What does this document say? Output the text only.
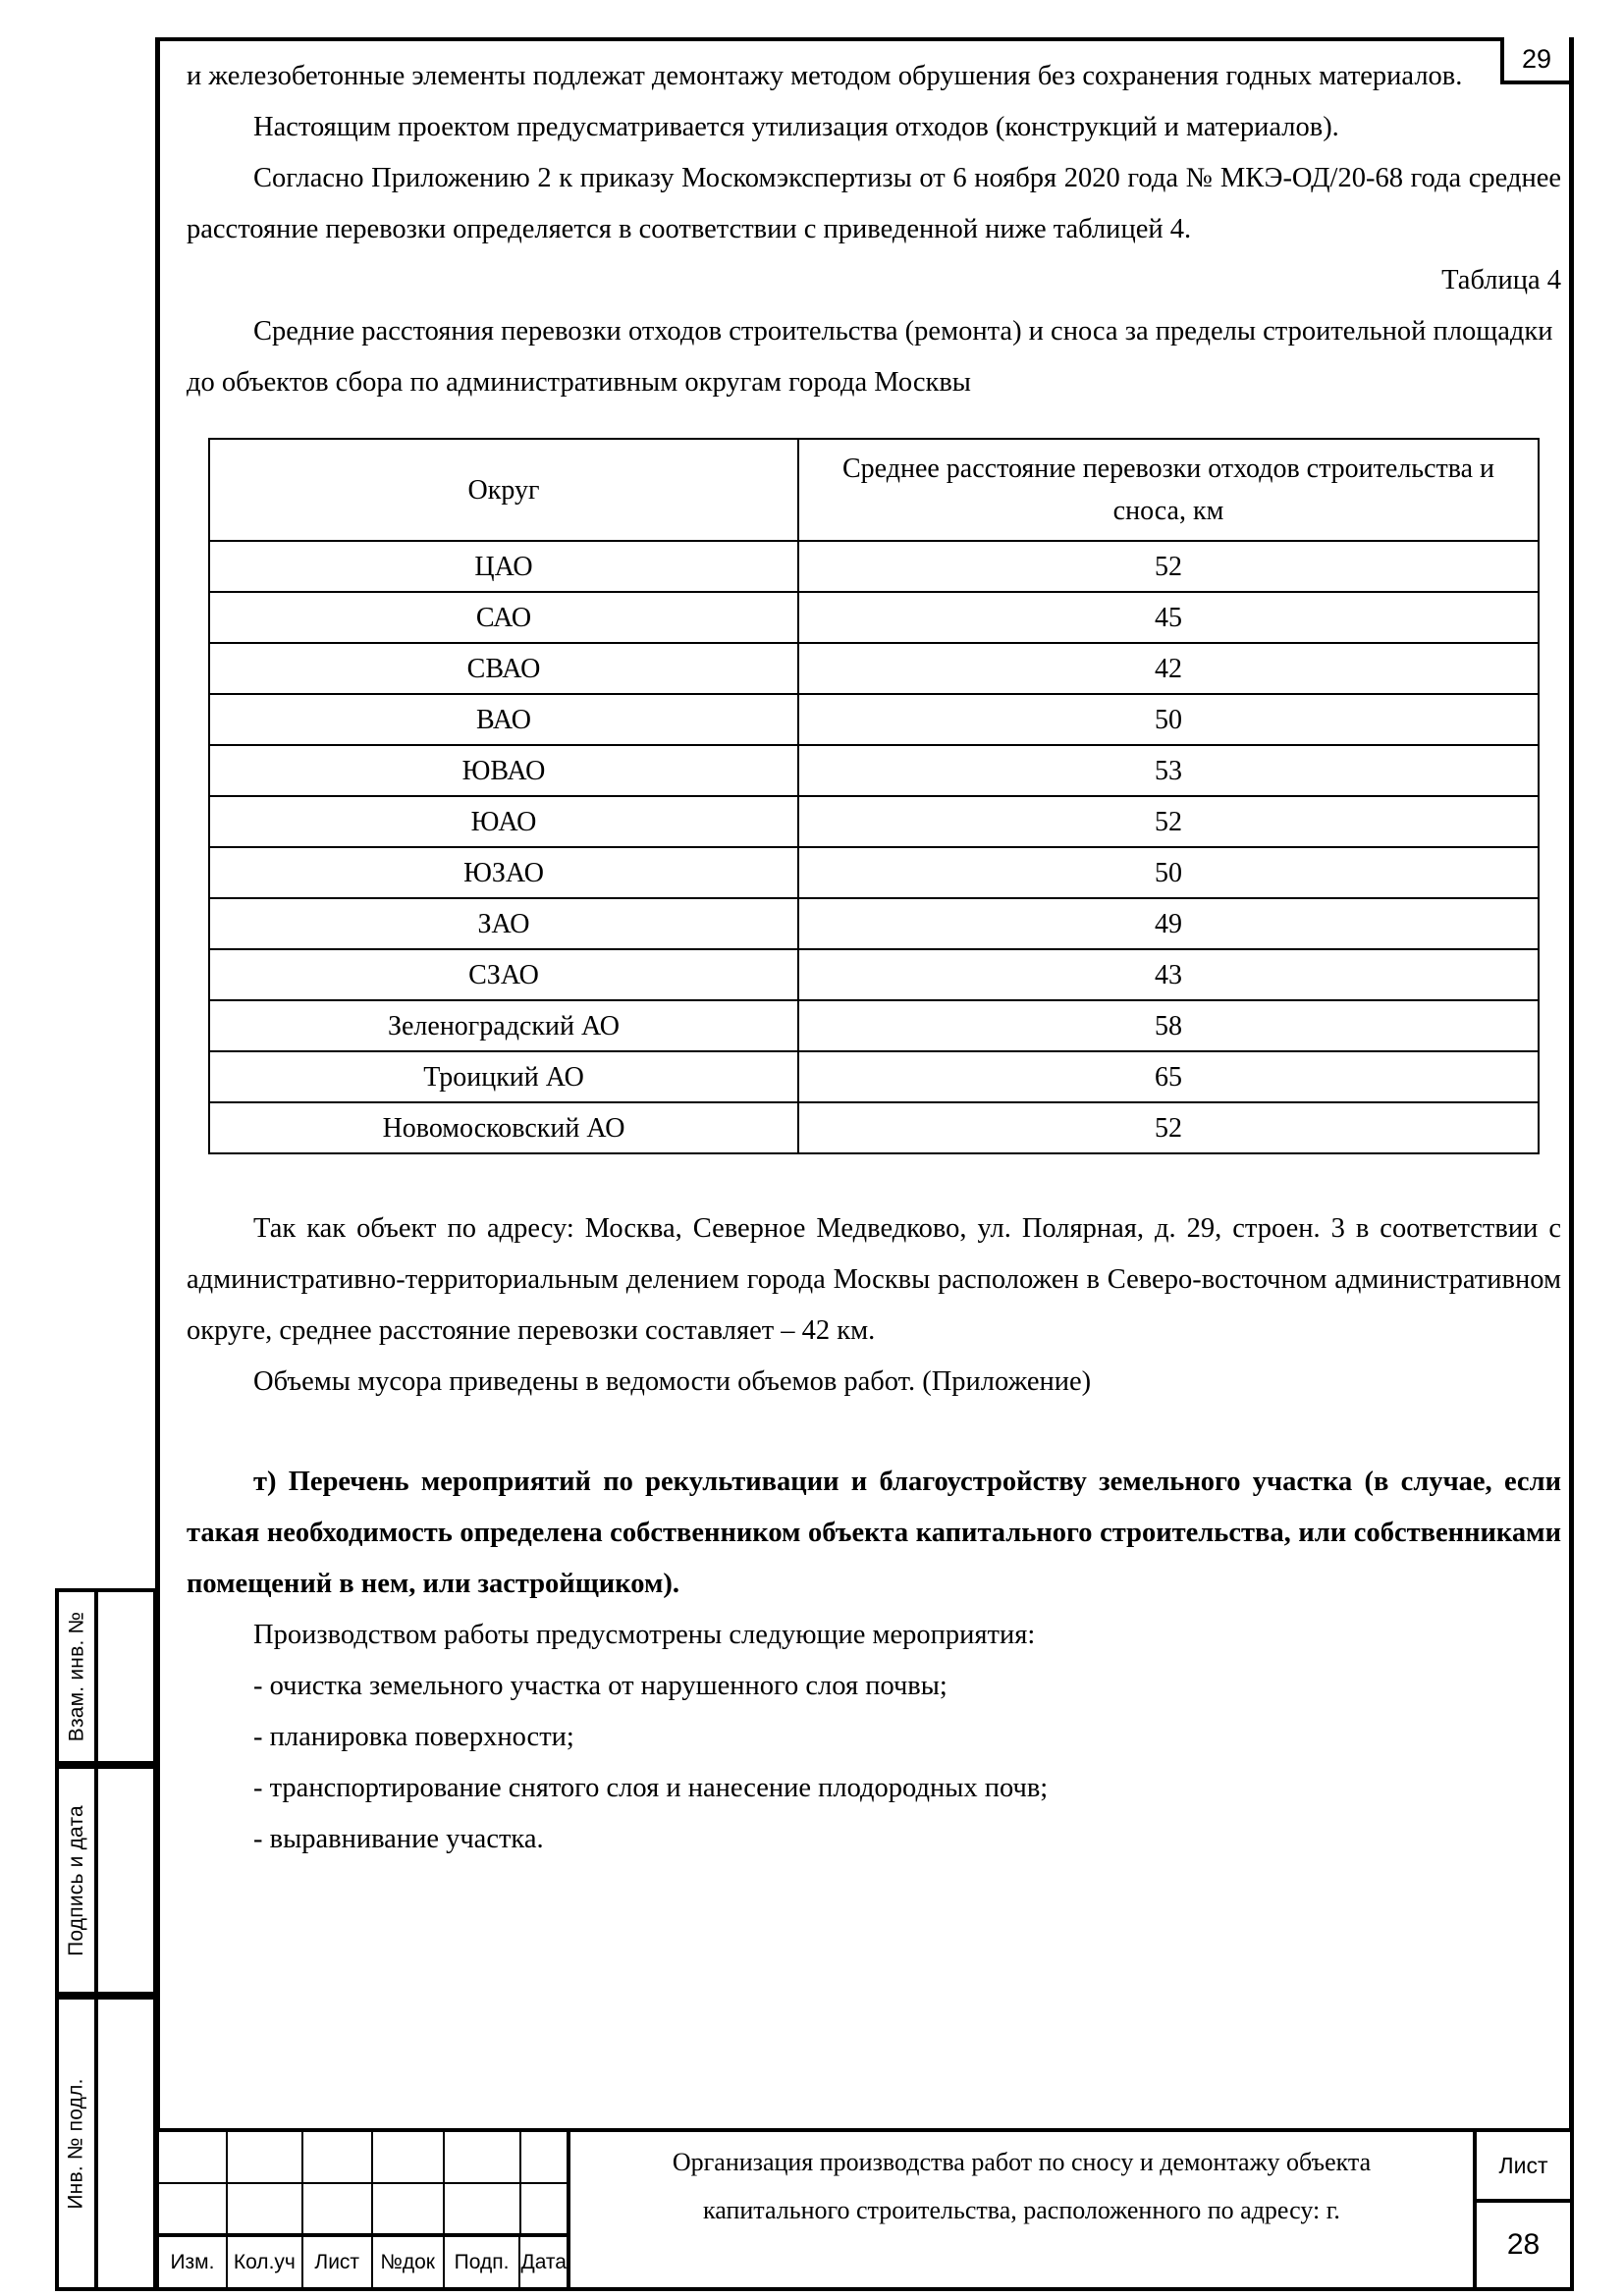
29

и железобетонные элементы подлежат демонтажу методом обрушения без сохранения годных материалов.

Настоящим проектом предусматривается утилизация отходов (конструкций и материалов).

Согласно Приложению 2 к приказу Москомэкспертизы от 6 ноября 2020 года № МКЭ-ОД/20-68 года среднее расстояние перевозки определяется в соответствии с приведенной ниже таблицей 4.

Таблица 4

Средние расстояния перевозки отходов строительства (ремонта) и сноса за пределы строительной площадки до объектов сбора по административным округам города Москвы

Округ	Среднее расстояние перевозки отходов строительства и сноса, км
ЦАО	52
САО	45
СВАО	42
ВАО	50
ЮВАО	53
ЮАО	52
ЮЗАО	50
ЗАО	49
СЗАО	43
Зеленоградский АО	58
Троицкий АО	65
Новомосковский АО	52

Так как объект по адресу: Москва, Северное Медведково, ул. Полярная, д. 29, строен. 3 в соответствии с административно-территориальным делением города Москвы расположен в Северо-восточном административном округе, среднее расстояние перевозки составляет – 42 км.

Объемы мусора приведены в ведомости объемов работ. (Приложение)

т) Перечень мероприятий по рекультивации и благоустройству земельного участка (в случае, если такая необходимость определена собственником объекта капитального строительства, или собственниками помещений в нем, или застройщиком).

Производством работы предусмотрены следующие мероприятия:

- очистка земельного участка от нарушенного слоя почвы;

- планировка поверхности;

- транспортирование снятого слоя и нанесение плодородных почв;

- выравнивание участка.

Взам. инв. №
Подпись и дата
Инв. № подл.
Изм. Кол.уч Лист	№док Подп. Дата
Организация производства работ по сносу и демонтажу объекта
капитального строительства, расположенного по адресу: г.
Лист
28
